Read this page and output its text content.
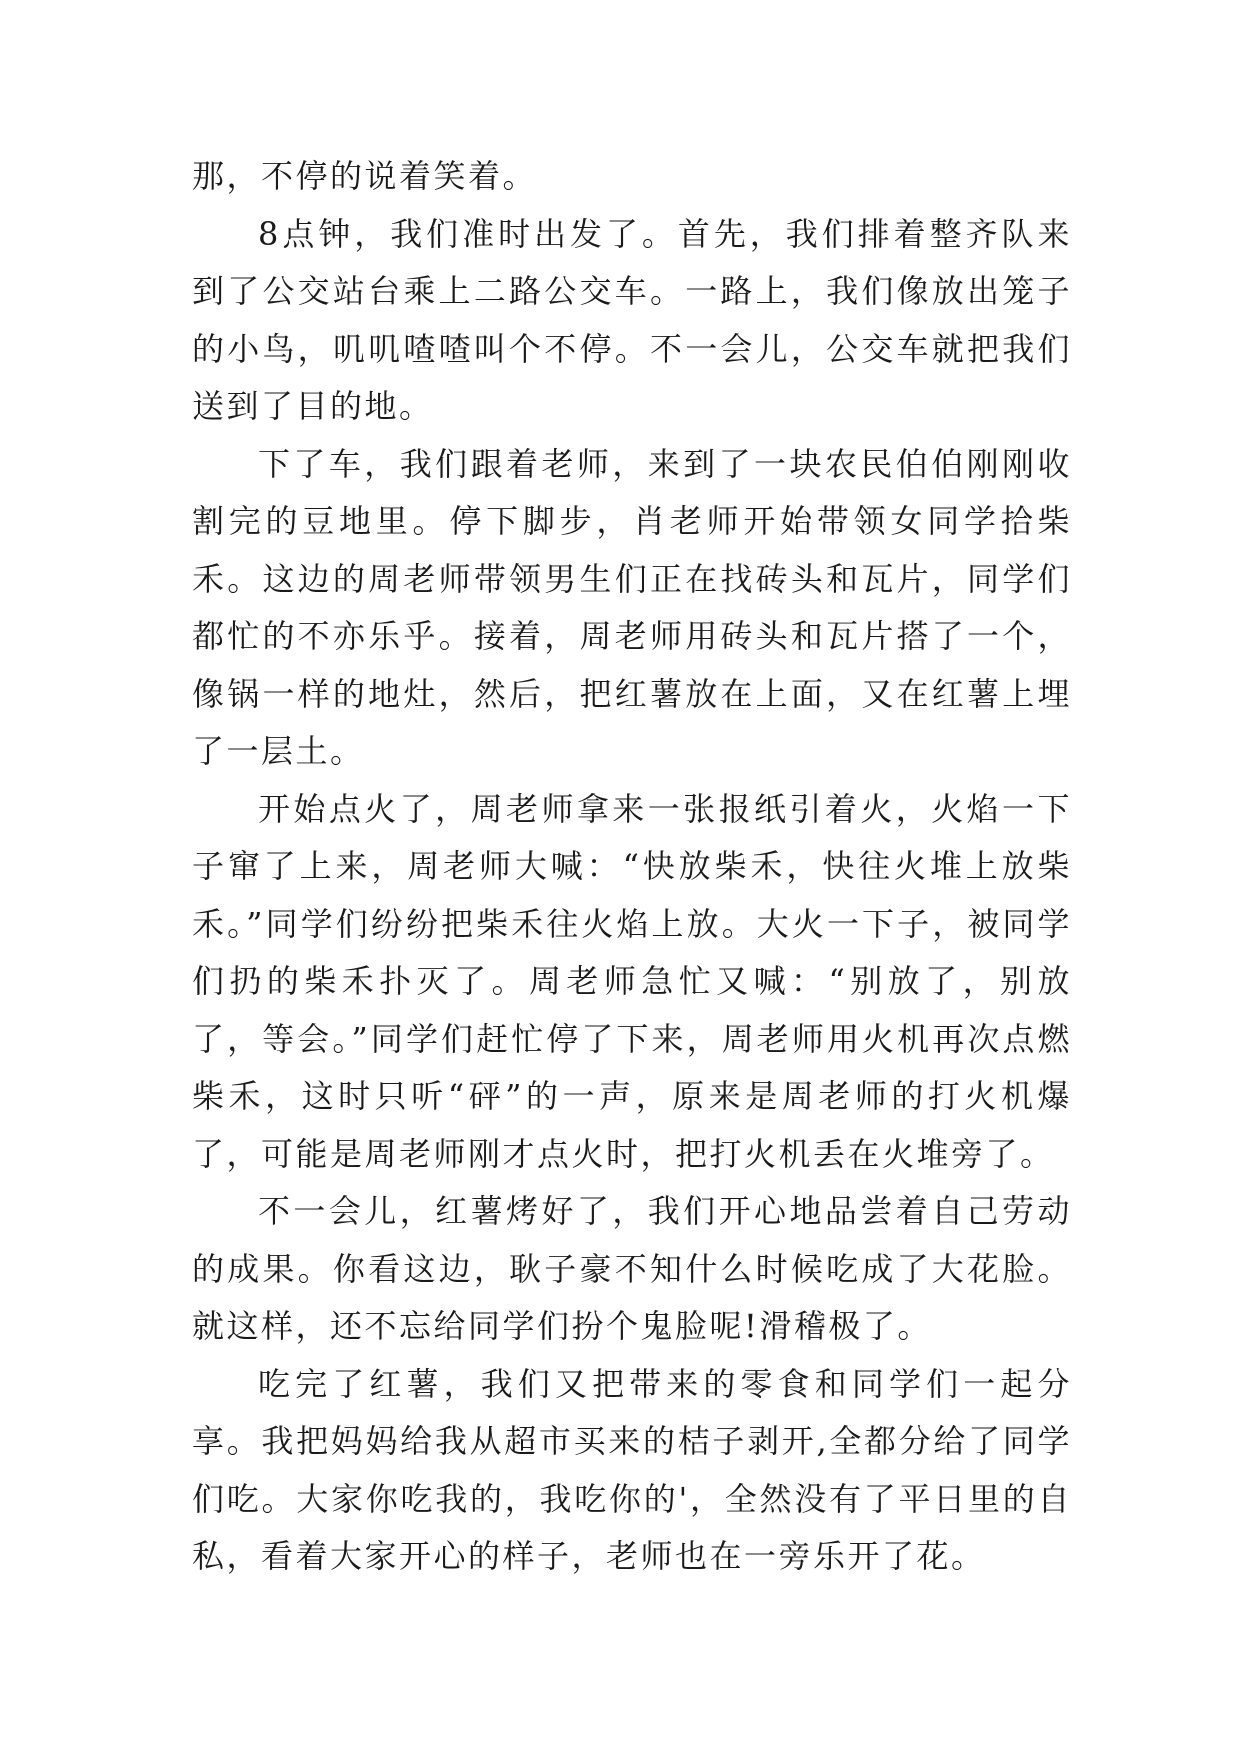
那，不停的说着笑着。

8点钟，我们准时出发了。首先，我们排着整齐队来到了公交站台乘上二路公交车。一路上，我们像放出笼子的小鸟，叽叽喳喳叫个不停。不一会儿，公交车就把我们送到了目的地。

下了车，我们跟着老师，来到了一块农民伯伯刚刚收割完的豆地里。停下脚步，肖老师开始带领女同学拾柴禾。这边的周老师带领男生们正在找砖头和瓦片，同学们都忙的不亦乐乎。接着，周老师用砖头和瓦片搭了一个，像锅一样的地灶，然后，把红薯放在上面，又在红薯上埋了一层土。

开始点火了，周老师拿来一张报纸引着火，火焰一下子窜了上来，周老师大喊：“快放柴禾，快往火堆上放柴禾。”同学们纷纷把柴禾往火焰上放。大火一下子，被同学们扔的柴禾扑灭了。周老师急忙又喊：“别放了，别放了，等会。”同学们赶忙停了下来，周老师用火机再次点燃柴禾，这时只听“砰”的一声，原来是周老师的打火机爆了，可能是周老师刚才点火时，把打火机丢在火堆旁了。

不一会儿，红薯烤好了，我们开心地品尝着自己劳动的成果。你看这边，耿子豪不知什么时候吃成了大花脸。就这样，还不忘给同学们扮个鬼脸呢!滑稽极了。

吃完了红薯，我们又把带来的零食和同学们一起分享。我把妈妈给我从超市买来的桔子剥开,全都分给了同学们吃。大家你吃我的，我吃你的'，全然没有了平日里的自私，看着大家开心的样子，老师也在一旁乐开了花。
